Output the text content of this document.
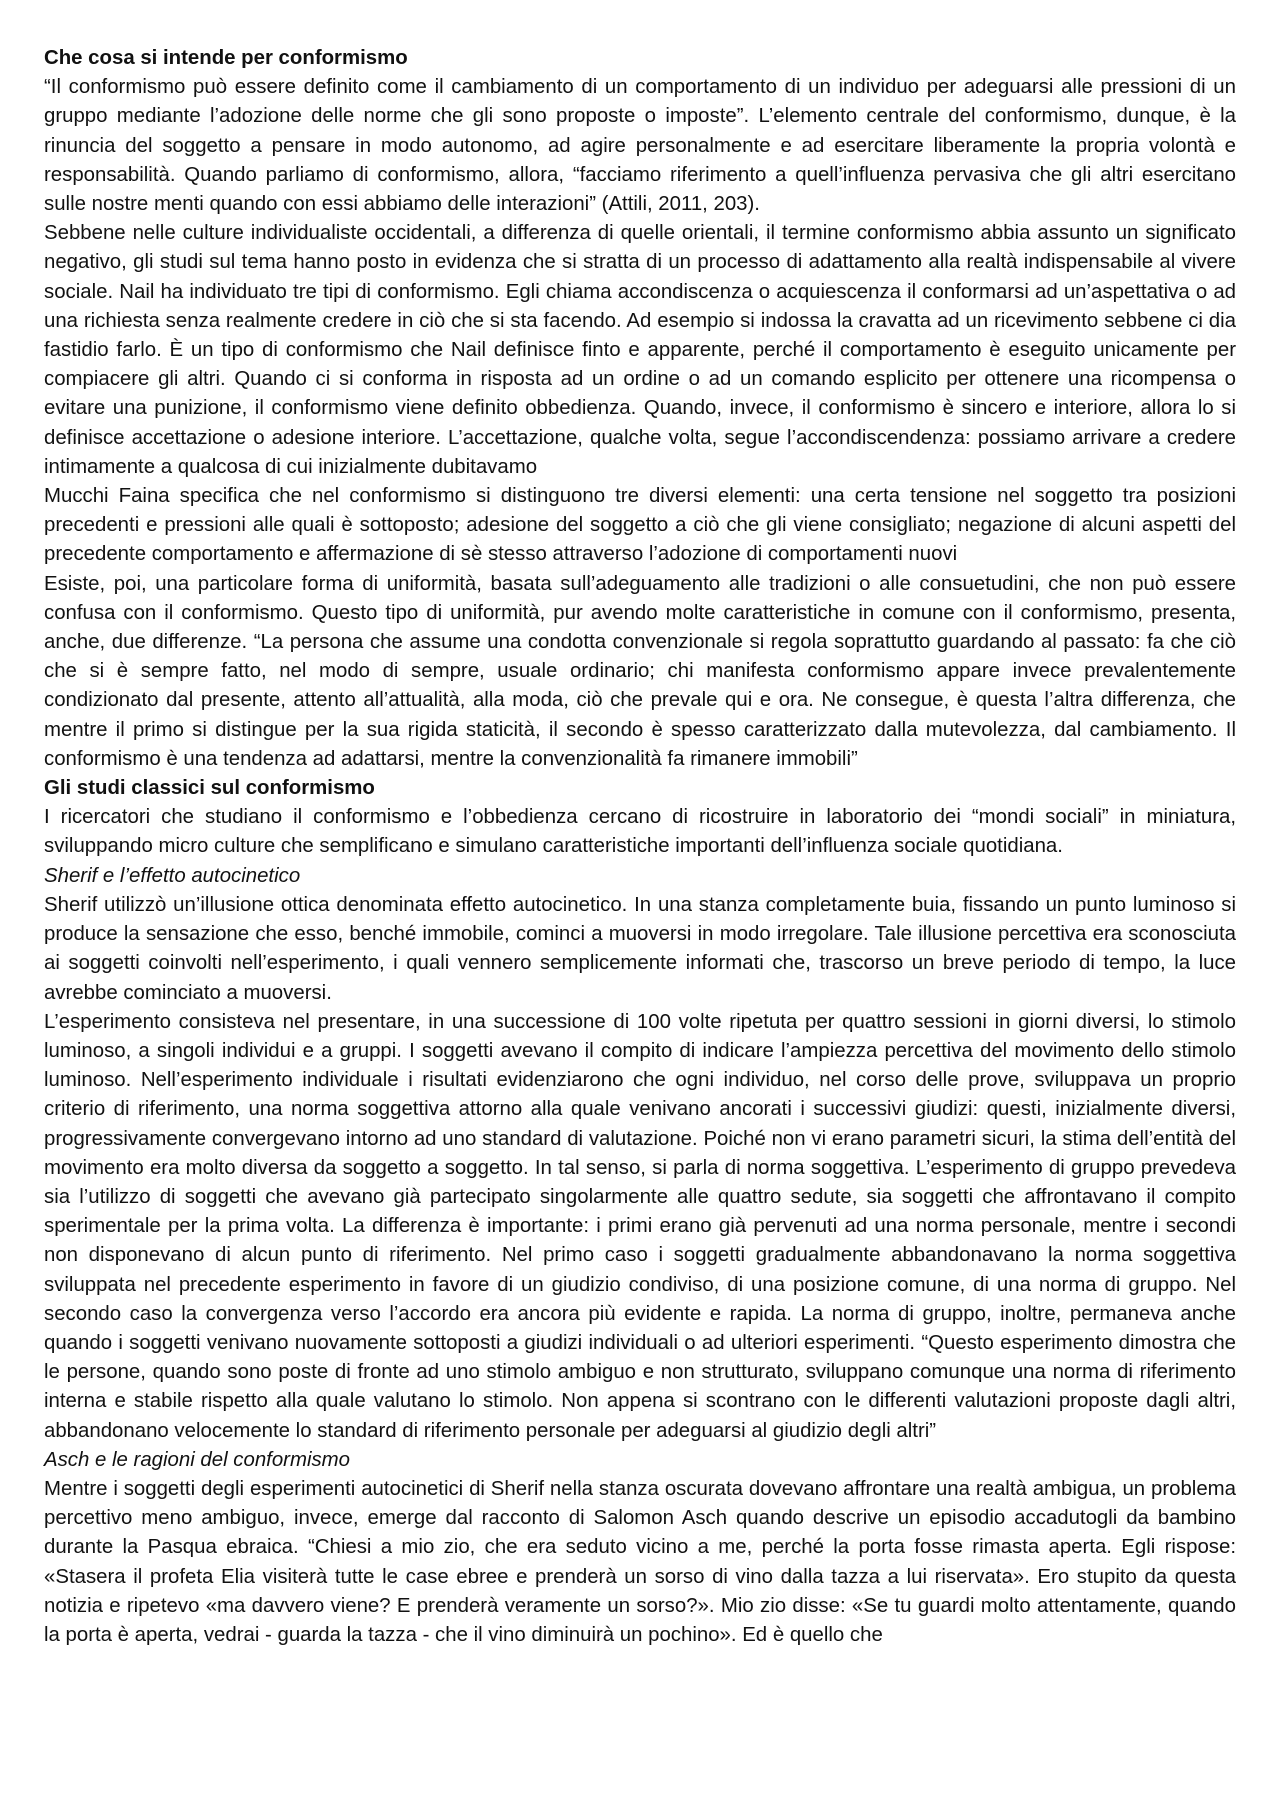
Che cosa si intende per conformismo

“Il conformismo può essere definito come il cambiamento di un comportamento di un individuo per adeguarsi alle pressioni di un gruppo mediante l’adozione delle norme che gli sono proposte o imposte”. L’elemento centrale del conformismo, dunque, è la rinuncia del soggetto a pensare in modo autonomo, ad agire personalmente e ad esercitare liberamente la propria volontà e responsabilità. Quando parliamo di conformismo, allora, “facciamo riferimento a quell’influenza pervasiva che gli altri esercitano sulle nostre menti quando con essi abbiamo delle interazioni” (Attili, 2011, 203).

Sebbene nelle culture individualiste occidentali, a differenza di quelle orientali, il termine conformismo abbia assunto un significato negativo, gli studi sul tema hanno posto in evidenza che si stratta di un processo di adattamento alla realtà indispensabile al vivere sociale. Nail ha individuato tre tipi di conformismo. Egli chiama accondiscenza o acquiescenza il conformarsi ad un’aspettativa o ad una richiesta senza realmente credere in ciò che si sta facendo. Ad esempio si indossa la cravatta ad un ricevimento sebbene ci dia fastidio farlo. È un tipo di conformismo che Nail definisce finto e apparente, perché il comportamento è eseguito unicamente per compiacere gli altri. Quando ci si conforma in risposta ad un ordine o ad un comando esplicito per ottenere una ricompensa o evitare una punizione, il conformismo viene definito obbedienza. Quando, invece, il conformismo è sincero e interiore, allora lo si definisce accettazione o adesione interiore. L’accettazione, qualche volta, segue l’accondiscendenza: possiamo arrivare a credere intimamente a qualcosa di cui inizialmente dubitavamo

Mucchi Faina specifica che nel conformismo si distinguono tre diversi elementi: una certa tensione nel soggetto tra posizioni precedenti e pressioni alle quali è sottoposto; adesione del soggetto a ciò che gli viene consigliato; negazione di alcuni aspetti del precedente comportamento e affermazione di sè stesso attraverso l’adozione di comportamenti nuovi

Esiste, poi, una particolare forma di uniformità, basata sull’adeguamento alle tradizioni o alle consuetudini, che non può essere confusa con il conformismo. Questo tipo di uniformità, pur avendo molte caratteristiche in comune con il conformismo, presenta, anche, due differenze. “La persona che assume una condotta convenzionale si regola soprattutto guardando al passato: fa che ciò che si è sempre fatto, nel modo di sempre, usuale ordinario; chi manifesta conformismo appare invece prevalentemente condizionato dal presente, attento all’attualità, alla moda, ciò che prevale qui e ora. Ne consegue, è questa l’altra differenza, che mentre il primo si distingue per la sua rigida staticità, il secondo è spesso caratterizzato dalla mutevolezza, dal cambiamento. Il conformismo è una tendenza ad adattarsi, mentre la convenzionalità fa rimanere immobili”

Gli studi classici sul conformismo

I ricercatori che studiano il conformismo e l’obbedienza cercano di ricostruire in laboratorio dei “mondi sociali” in miniatura, sviluppando micro culture che semplificano e simulano caratteristiche importanti dell’influenza sociale quotidiana.

Sherif e l’effetto autocinetico

Sherif utilizzò un’illusione ottica denominata effetto autocinetico. In una stanza completamente buia, fissando un punto luminoso si produce la sensazione che esso, benché immobile, cominci a muoversi in modo irregolare. Tale illusione percettiva era sconosciuta ai soggetti coinvolti nell’esperimento, i quali vennero semplicemente informati che, trascorso un breve periodo di tempo, la luce avrebbe cominciato a muoversi.

L’esperimento consisteva nel presentare, in una successione di 100 volte ripetuta per quattro sessioni in giorni diversi, lo stimolo luminoso, a singoli individui e a gruppi. I soggetti avevano il compito di indicare l’ampiezza percettiva del movimento dello stimolo luminoso. Nell’esperimento individuale i risultati evidenziarono che ogni individuo, nel corso delle prove, sviluppava un proprio criterio di riferimento, una norma soggettiva attorno alla quale venivano ancorati i successivi giudizi: questi, inizialmente diversi, progressivamente convergevano intorno ad uno standard di valutazione. Poiché non vi erano parametri sicuri, la stima dell’entità del movimento era molto diversa da soggetto a soggetto. In tal senso, si parla di norma soggettiva. L’esperimento di gruppo prevedeva sia l’utilizzo di soggetti che avevano già partecipato singolarmente alle quattro sedute, sia soggetti che affrontavano il compito sperimentale per la prima volta. La differenza è importante: i primi erano già pervenuti ad una norma personale, mentre i secondi non disponevano di alcun punto di riferimento. Nel primo caso i soggetti gradualmente abbandonavano la norma soggettiva sviluppata nel precedente esperimento in favore di un giudizio condiviso, di una posizione comune, di una norma di gruppo. Nel secondo caso la convergenza verso l’accordo era ancora più evidente e rapida. La norma di gruppo, inoltre, permaneva anche quando i soggetti venivano nuovamente sottoposti a giudizi individuali o ad ulteriori esperimenti. “Questo esperimento dimostra che le persone, quando sono poste di fronte ad uno stimolo ambiguo e non strutturato, sviluppano comunque una norma di riferimento interna e stabile rispetto alla quale valutano lo stimolo. Non appena si scontrano con le differenti valutazioni proposte dagli altri, abbandonano velocemente lo standard di riferimento personale per adeguarsi al giudizio degli altri”

Asch e le ragioni del conformismo

Mentre i soggetti degli esperimenti autocinetici di Sherif nella stanza oscurata dovevano affrontare una realtà ambigua, un problema percettivo meno ambiguo, invece, emerge dal racconto di Salomon Asch quando descrive un episodio accadutogli da bambino durante la Pasqua ebraica. “Chiesi a mio zio, che era seduto vicino a me, perché la porta fosse rimasta aperta. Egli rispose: «Stasera il profeta Elia visiterà tutte le case ebree e prenderà un sorso di vino dalla tazza a lui riservata». Ero stupito da questa notizia e ripetevo «ma davvero viene? E prenderà veramente un sorso?». Mio zio disse: «Se tu guardi molto attentamente, quando la porta è aperta, vedrai - guarda la tazza - che il vino diminuirà un pochino». Ed è quello che
